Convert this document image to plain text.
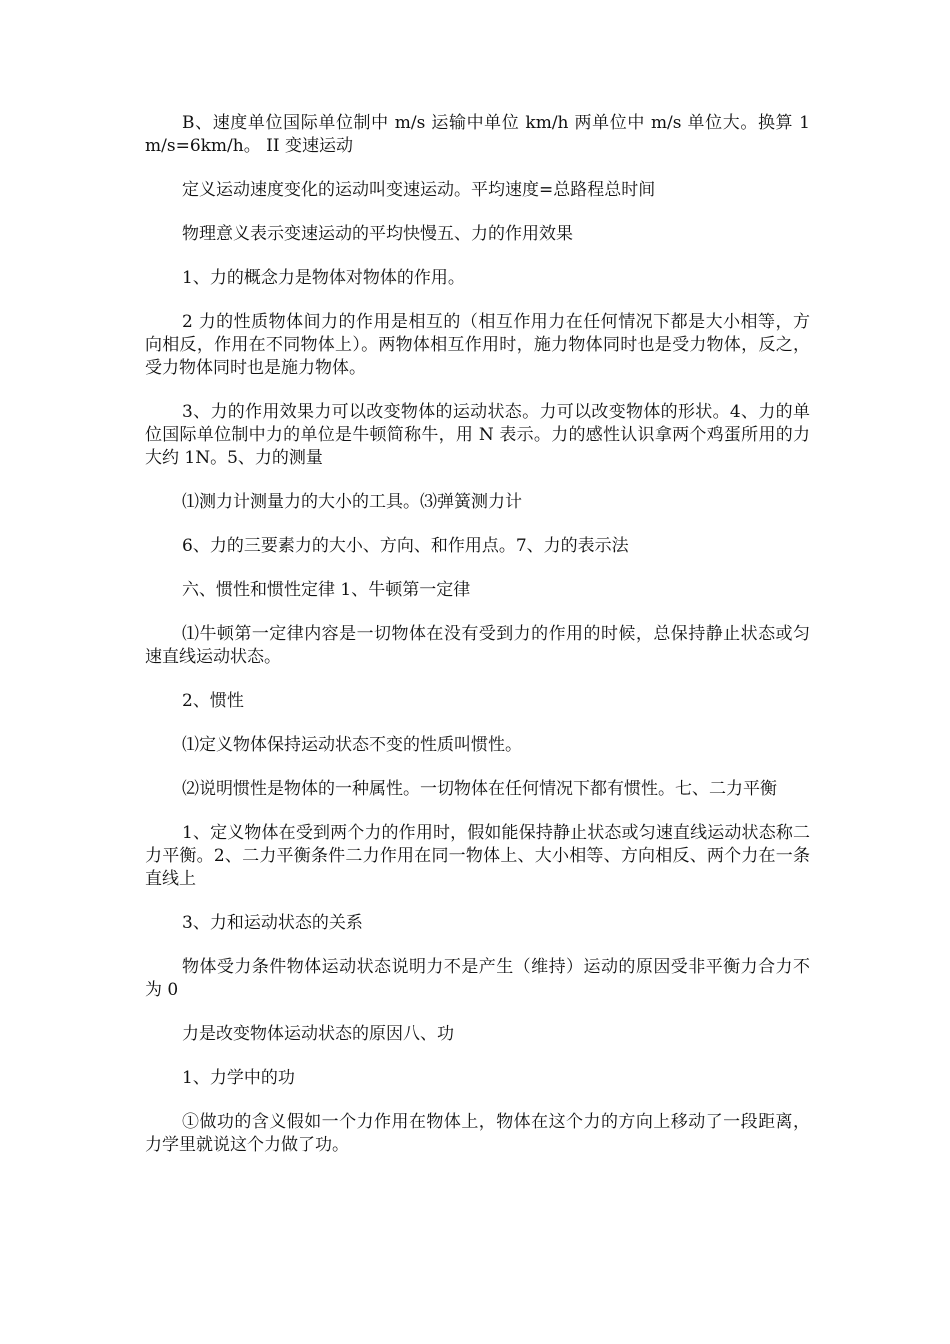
B、速度单位国际单位制中 m/s 运输中单位 km/h 两单位中 m/s 单位大。换算 1m/s=6km/h。 II 变速运动

定义运动速度变化的运动叫变速运动。平均速度=总路程总时间

物理意义表示变速运动的平均快慢五、力的作用效果

1、力的概念力是物体对物体的作用。

2 力的性质物体间力的作用是相互的（相互作用力在任何情况下都是大小相等，方向相反，作用在不同物体上）。两物体相互作用时，施力物体同时也是受力物体，反之，受力物体同时也是施力物体。

3、力的作用效果力可以改变物体的运动状态。力可以改变物体的形状。4、力的单位国际单位制中力的单位是牛顿简称牛，用 N 表示。力的感性认识拿两个鸡蛋所用的力大约 1N。5、力的测量

⑴测力计测量力的大小的工具。⑶弹簧测力计

6、力的三要素力的大小、方向、和作用点。7、力的表示法

六、惯性和惯性定律 1、牛顿第一定律

⑴牛顿第一定律内容是一切物体在没有受到力的作用的时候，总保持静止状态或匀速直线运动状态。

2、惯性

⑴定义物体保持运动状态不变的性质叫惯性。

⑵说明惯性是物体的一种属性。一切物体在任何情况下都有惯性。七、二力平衡

1、定义物体在受到两个力的作用时，假如能保持静止状态或匀速直线运动状态称二力平衡。2、二力平衡条件二力作用在同一物体上、大小相等、方向相反、两个力在一条直线上

3、力和运动状态的关系

物体受力条件物体运动状态说明力不是产生（维持）运动的原因受非平衡力合力不为 0

力是改变物体运动状态的原因八、功

1、力学中的功

①做功的含义假如一个力作用在物体上，物体在这个力的方向上移动了一段距离，力学里就说这个力做了功。
